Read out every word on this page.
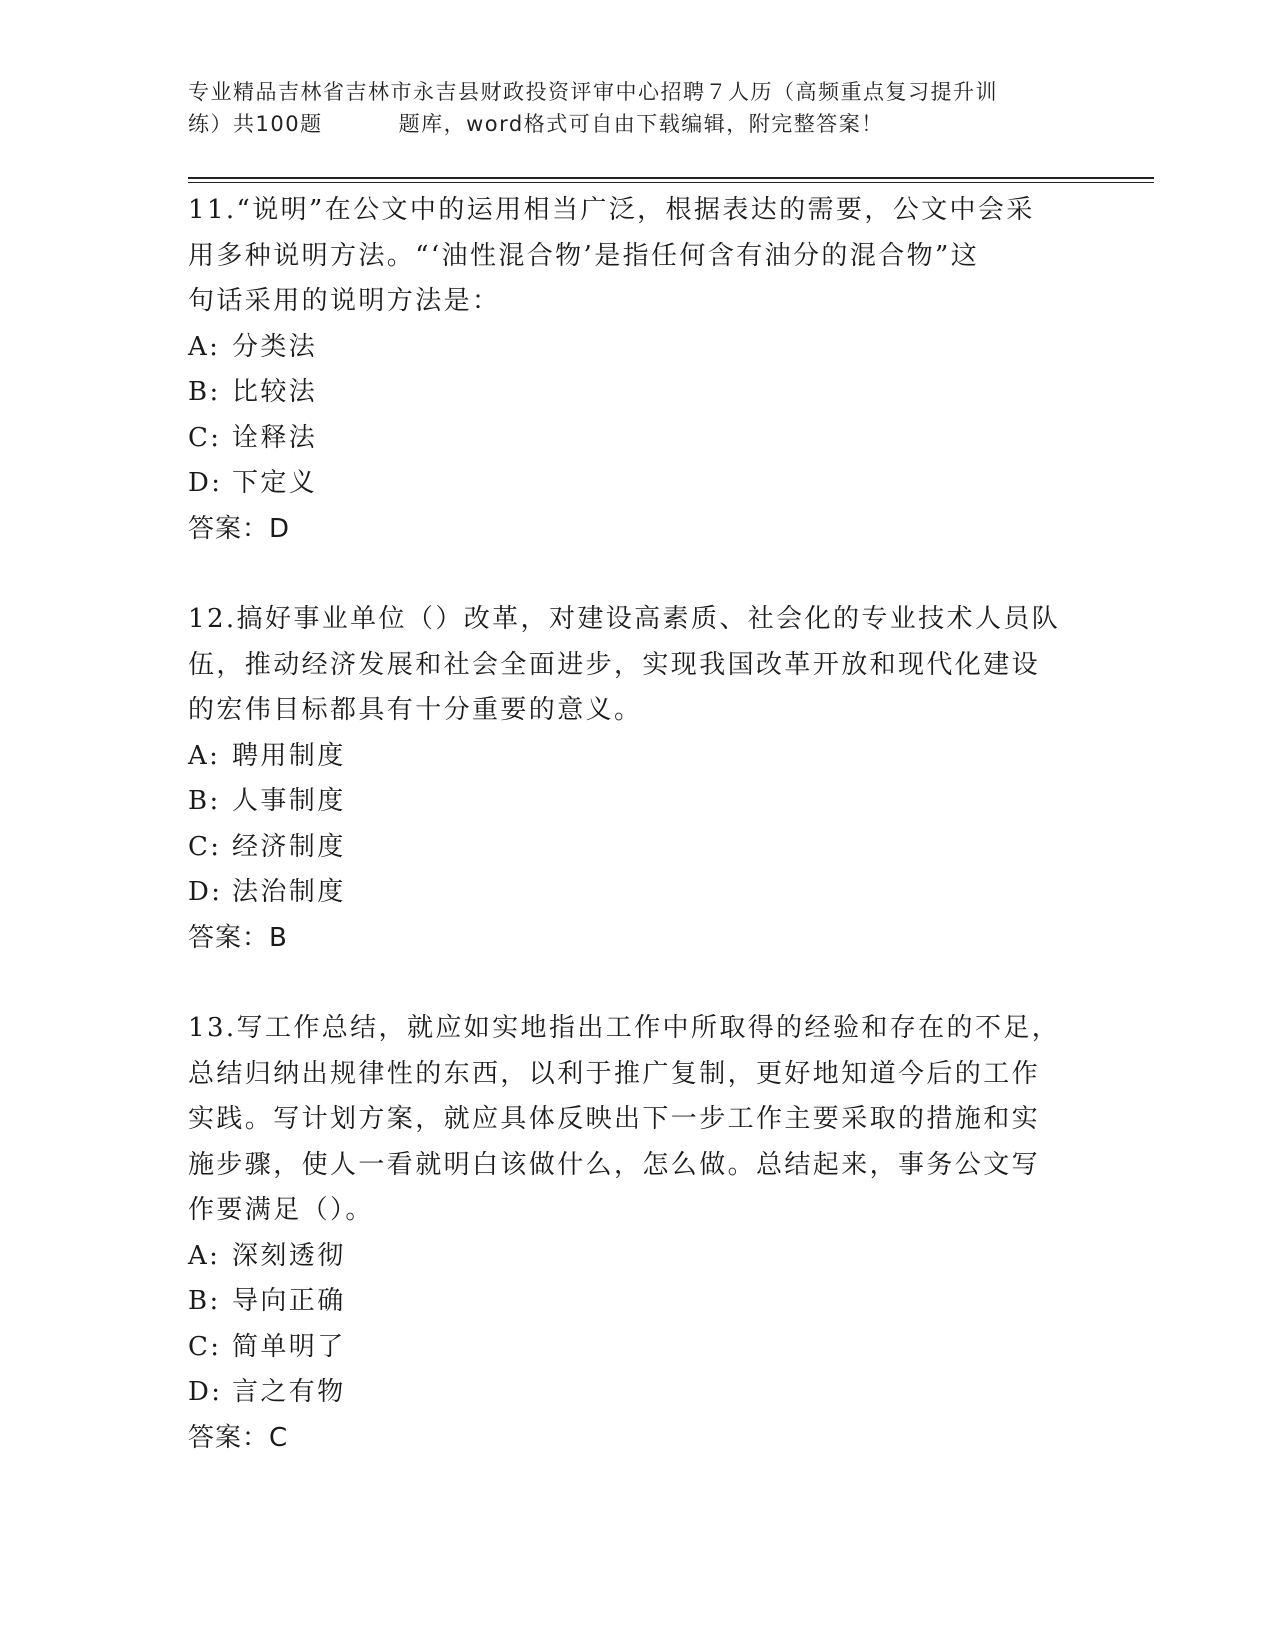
专业精品吉林省吉林市永吉县财政投资评审中心招聘７人历（高频重点复习提升训
练）共100题	题库，word格式可自由下载编辑，附完整答案！

11.“说明”在公文中的运用相当广泛，根据表达的需要，公文中会采

用多种说明方法。“‘油性混合物’是指任何含有油分的混合物”这

句话采用的说明方法是：

A: 分类法

B: 比较法

C: 诠释法

D: 下定义

答案：D

12.搞好事业单位（）改革，对建设高素质、社会化的专业技术人员队

伍，推动经济发展和社会全面进步，实现我国改革开放和现代化建设

的宏伟目标都具有十分重要的意义。

A: 聘用制度

B: 人事制度

C: 经济制度

D: 法治制度

答案：B

13.写工作总结，就应如实地指出工作中所取得的经验和存在的不足，

总结归纳出规律性的东西，以利于推广复制，更好地知道今后的工作

实践。写计划方案，就应具体反映出下一步工作主要采取的措施和实

施步骤，使人一看就明白该做什么，怎么做。总结起来，事务公文写

作要满足（）。

A: 深刻透彻

B: 导向正确

C: 简单明了

D: 言之有物

答案：C
